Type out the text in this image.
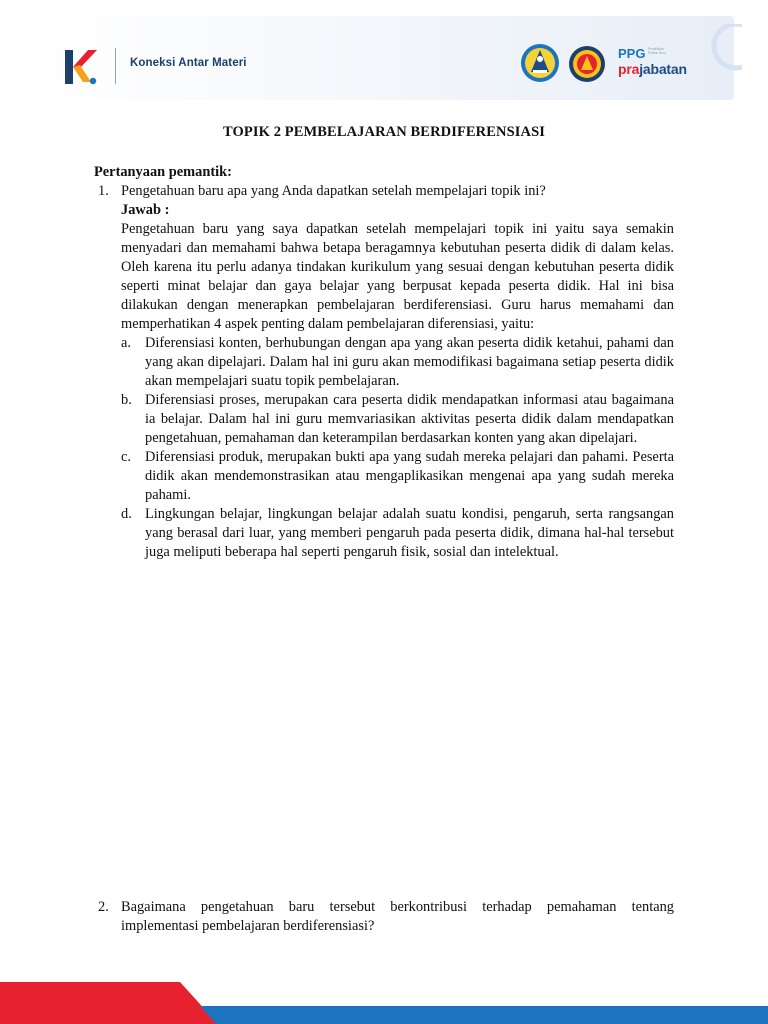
Koneksi Antar Materi
PPG Pendidikan Profesi Guru
prajabatan
TOPIK 2 PEMBELAJARAN BERDIFERENSIASI

Pertanyaan pemantik:

1. Pengetahuan baru apa yang Anda dapatkan setelah mempelajari topik ini?

Jawab :

Pengetahuan baru yang saya dapatkan setelah mempelajari topik ini yaitu saya semakin menyadari dan memahami bahwa betapa beragamnya kebutuhan peserta didik di dalam kelas. Oleh karena itu perlu adanya tindakan kurikulum yang sesuai dengan kebutuhan peserta didik seperti minat belajar dan gaya belajar yang berpusat kepada peserta didik. Hal ini bisa dilakukan dengan menerapkan pembelajaran berdiferensiasi. Guru harus memahami dan memperhatikan 4 aspek penting dalam pembelajaran diferensiasi, yaitu:

a. Diferensiasi konten, berhubungan dengan apa yang akan peserta didik ketahui, pahami dan yang akan dipelajari. Dalam hal ini guru akan memodifikasi bagaimana setiap peserta didik akan mempelajari suatu topik pembelajaran.

b. Diferensiasi proses, merupakan cara peserta didik mendapatkan informasi atau bagaimana ia belajar. Dalam hal ini guru memvariasikan aktivitas peserta didik dalam mendapatkan pengetahuan, pemahaman dan keterampilan berdasarkan konten yang akan dipelajari.

c. Diferensiasi produk, merupakan bukti apa yang sudah mereka pelajari dan pahami. Peserta didik akan mendemonstrasikan atau mengaplikasikan mengenai apa yang sudah mereka pahami.

d. Lingkungan belajar, lingkungan belajar adalah suatu kondisi, pengaruh, serta rangsangan yang berasal dari luar, yang memberi pengaruh pada peserta didik, dimana hal-hal tersebut juga meliputi beberapa hal seperti pengaruh fisik, sosial dan intelektual.

2. Bagaimana pengetahuan baru tersebut berkontribusi terhadap pemahaman tentang implementasi pembelajaran berdiferensiasi?
